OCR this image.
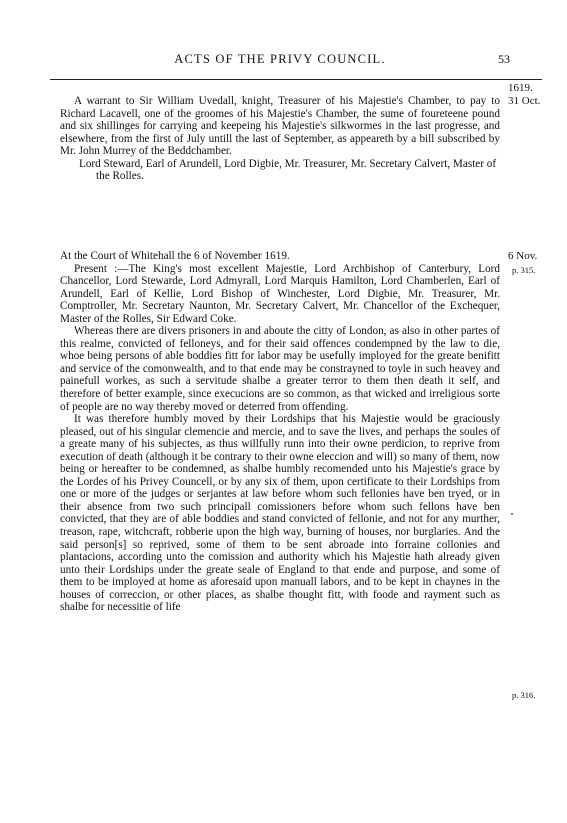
ACTS OF THE PRIVY COUNCIL.	53
1619.
31 Oct.
6 Nov.
p. 315.
p. 316.

A warrant to Sir William Uvedall, knight, Treasurer of his Majestie's Chamber, to pay to Richard Lacavell, one of the groomes of his Majestie's Chamber, the sume of foureteene pound and six shillinges for carrying and keepeing his Majestie's silkwormes in the last progresse, and elsewhere, from the first of July untill the last of September, as appeareth by a bill subscribed by Mr. John Murrey of the Beddchamber.

Lord Steward, Earl of Arundell, Lord Digbie, Mr. Treasurer, Mr. Secretary Calvert, Master of the Rolles.

At the Court of Whitehall the 6 of November 1619.

Present :—The King's most excellent Majestie, Lord Archbishop of Canterbury, Lord Chancellor, Lord Stewarde, Lord Admyrall, Lord Marquis Hamilton, Lord Chamberlen, Earl of Arundell, Earl of Kellie, Lord Bishop of Winchester, Lord Digbie, Mr. Treasurer, Mr. Comptroller, Mr. Secretary Naunton, Mr. Secretary Calvert, Mr. Chancellor of the Exchequer, Master of the Rolles, Sir Edward Coke.

Whereas there are divers prisoners in and aboute the citty of London, as also in other partes of this realme, convicted of felloneys, and for their said offences condempned by the law to die, whoe being persons of able boddies fitt for labor may be usefully imployed for the greate benifitt and service of the comonwealth, and to that ende may be constrayned to toyle in such heavey and painefull workes, as such a servitude shalbe a greater terror to them then death it self, and therefore of better example, since execucions are so common, as that wicked and irreligious sorte of people are no way thereby moved or deterred from offending.

It was therefore humbly moved by their Lordships that his Majestie would be graciously pleased, out of his singular clemencie and mercie, and to save the lives, and perhaps the soules of a greate many of his subjectes, as thus willfully runn into their owne perdicion, to reprive from execution of death (although it be contrary to their owne eleccion and will) so many of them, now being or hereafter to be condemned, as shalbe humbly recomended unto his Majestie's grace by the Lordes of his Privey Councell, or by any six of them, upon certificate to their Lordships from one or more of the judges or serjantes at law before whom such fellonies have ben tryed, or in their absence from two such principall comissioners before whom such fellons have ben convicted, that they are of able boddies and stand convicted of fellonie, and not for any murther, treason, rape, witchcraft, robberie upon the high way, burning of houses, nor burglaries. And the said person[s] so reprived, some of them to be sent abroade into forraine collonies and plantacions, according unto the comission and authority which his Majestie hath already given unto their Lordships under the greate seale of England to that ende and purpose, and some of them to be imployed at home as aforesaid upon manuall labors, and to be kept in chaynes in the houses of correccion, or other places, as shalbe thought fitt, with foode and rayment such as shalbe for necessitie of life
